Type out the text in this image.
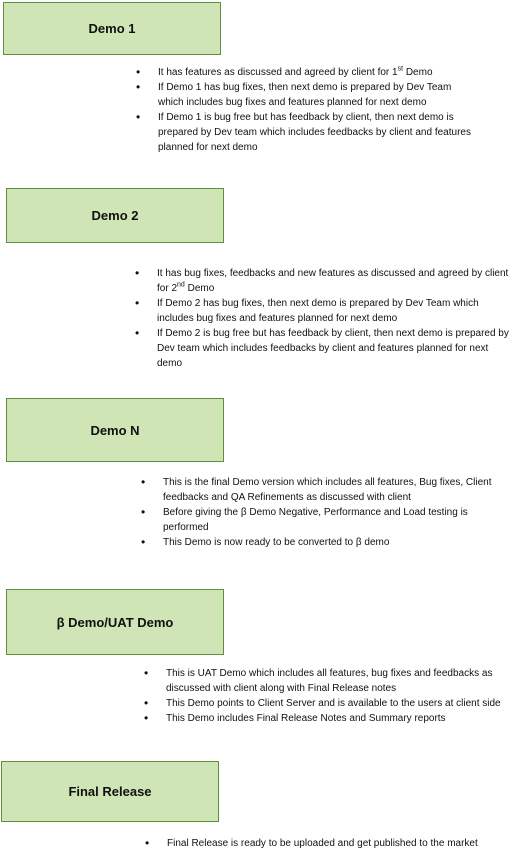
Demo 1
• It has features as discussed and agreed by client for 1st Demo
• If Demo 1 has bug fixes, then next demo is prepared by Dev Team which includes bug fixes and features planned for next demo
• If Demo 1 is bug free but has feedback by client, then next demo is prepared by Dev team which includes feedbacks by client and features planned for next demo
Demo 2
• It has bug fixes, feedbacks and new features as discussed and agreed by client for 2nd Demo
• If Demo 2 has bug fixes, then next demo is prepared by Dev Team which includes bug fixes and features planned for next demo
• If Demo 2 is bug free but has feedback by client, then next demo is prepared by Dev team which includes feedbacks by client and features planned for next demo
Demo N
• This is the final Demo version which includes all features, Bug fixes, Client feedbacks and QA Refinements as discussed with client
• Before giving the β Demo Negative, Performance and Load testing is performed
• This Demo is now ready to be converted to β demo
β Demo/UAT Demo
• This is UAT Demo which includes all features, bug fixes and feedbacks as discussed with client along with Final Release notes
• This Demo points to Client Server and is available to the users at client side
• This Demo includes Final Release Notes and Summary reports
Final Release
• Final Release is ready to be uploaded and get published to the market
